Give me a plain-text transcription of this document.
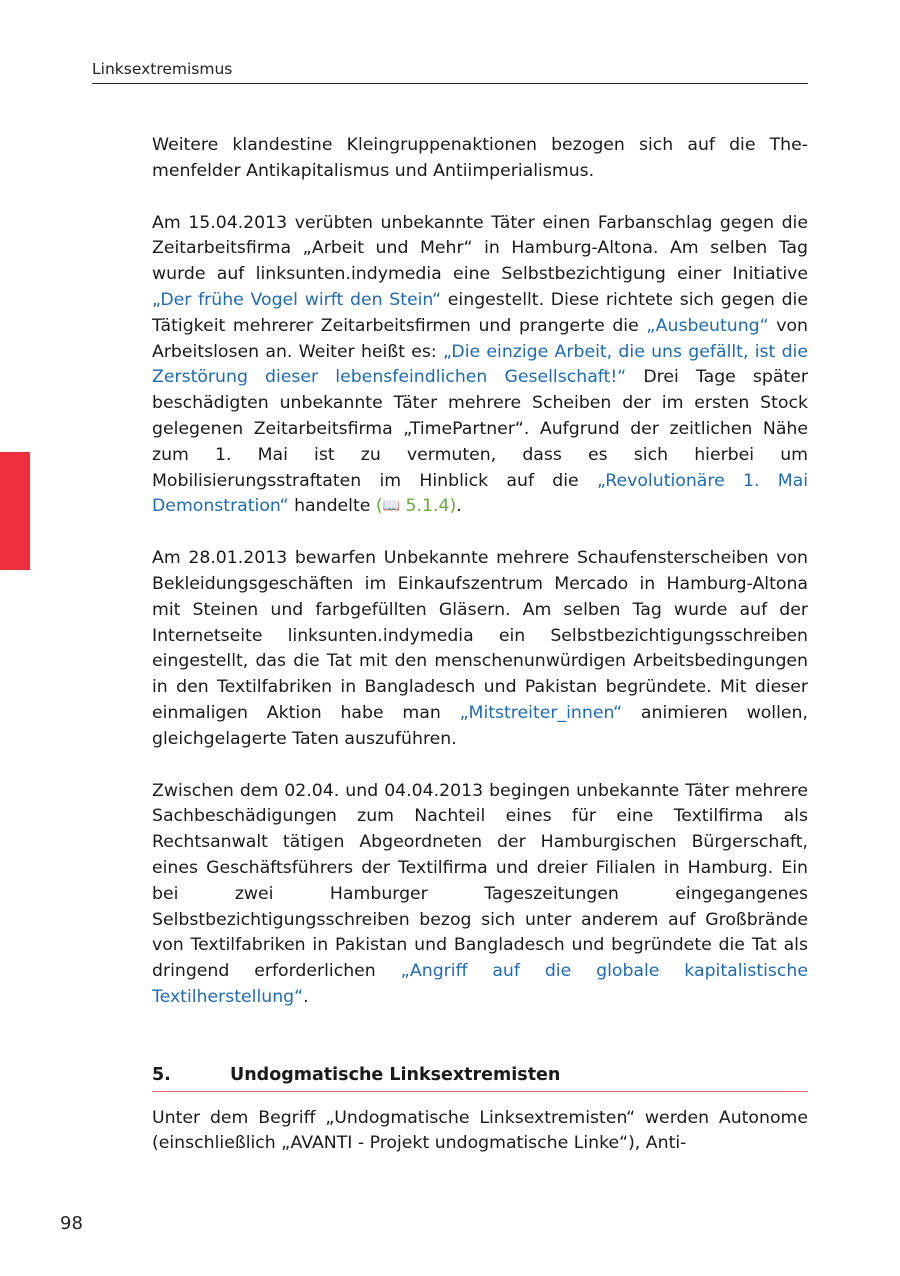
Linksextremismus

Weitere klandestine Kleingruppenaktionen bezogen sich auf die Themenfelder Antikapitalismus und Antiimperialismus.

Am 15.04.2013 verübten unbekannte Täter einen Farbanschlag gegen die Zeitarbeitsfirma „Arbeit und Mehr“ in Hamburg-Altona. Am selben Tag wurde auf linksunten.indymedia eine Selbstbezichtigung einer Initiative „Der frühe Vogel wirft den Stein“ eingestellt. Diese richtete sich gegen die Tätigkeit mehrerer Zeitarbeitsfirmen und prangerte die „Ausbeutung“ von Arbeitslosen an. Weiter heißt es: „Die einzige Arbeit, die uns gefällt, ist die Zerstörung dieser lebensfeindlichen Gesellschaft!“ Drei Tage später beschädigten unbekannte Täter mehrere Scheiben der im ersten Stock gelegenen Zeitarbeitsfirma „TimePartner“. Aufgrund der zeitlichen Nähe zum 1. Mai ist zu vermuten, dass es sich hierbei um Mobilisierungsstraftaten im Hinblick auf die „Revolutionäre 1. Mai Demonstration“ handelte (📖 5.1.4).

Am 28.01.2013 bewarfen Unbekannte mehrere Schaufensterscheiben von Bekleidungsgeschäften im Einkaufszentrum Mercado in Hamburg-Altona mit Steinen und farbgefüllten Gläsern. Am selben Tag wurde auf der Internetseite linksunten.indymedia ein Selbstbezichtigungsschreiben eingestellt, das die Tat mit den menschenunwürdigen Arbeitsbedingungen in den Textilfabriken in Bangladesch und Pakistan begründete. Mit dieser einmaligen Aktion habe man „Mitstreiter_innen“ animieren wollen, gleichgelagerte Taten auszuführen.

Zwischen dem 02.04. und 04.04.2013 begingen unbekannte Täter mehrere Sachbeschädigungen zum Nachteil eines für eine Textilfirma als Rechtsanwalt tätigen Abgeordneten der Hamburgischen Bürgerschaft, eines Geschäftsführers der Textilfirma und dreier Filialen in Hamburg. Ein bei zwei Hamburger Tageszeitungen eingegangenes Selbstbezichtigungsschreiben bezog sich unter anderem auf Großbrände von Textilfabriken in Pakistan und Bangladesch und begründete die Tat als dringend erforderlichen „Angriff auf die globale kapitalistische Textilherstellung“.

5.	Undogmatische Linksextremisten

Unter dem Begriff „Undogmatische Linksextremisten“ werden Autonome (einschließlich „AVANTI - Projekt undogmatische Linke“), Anti-

98
